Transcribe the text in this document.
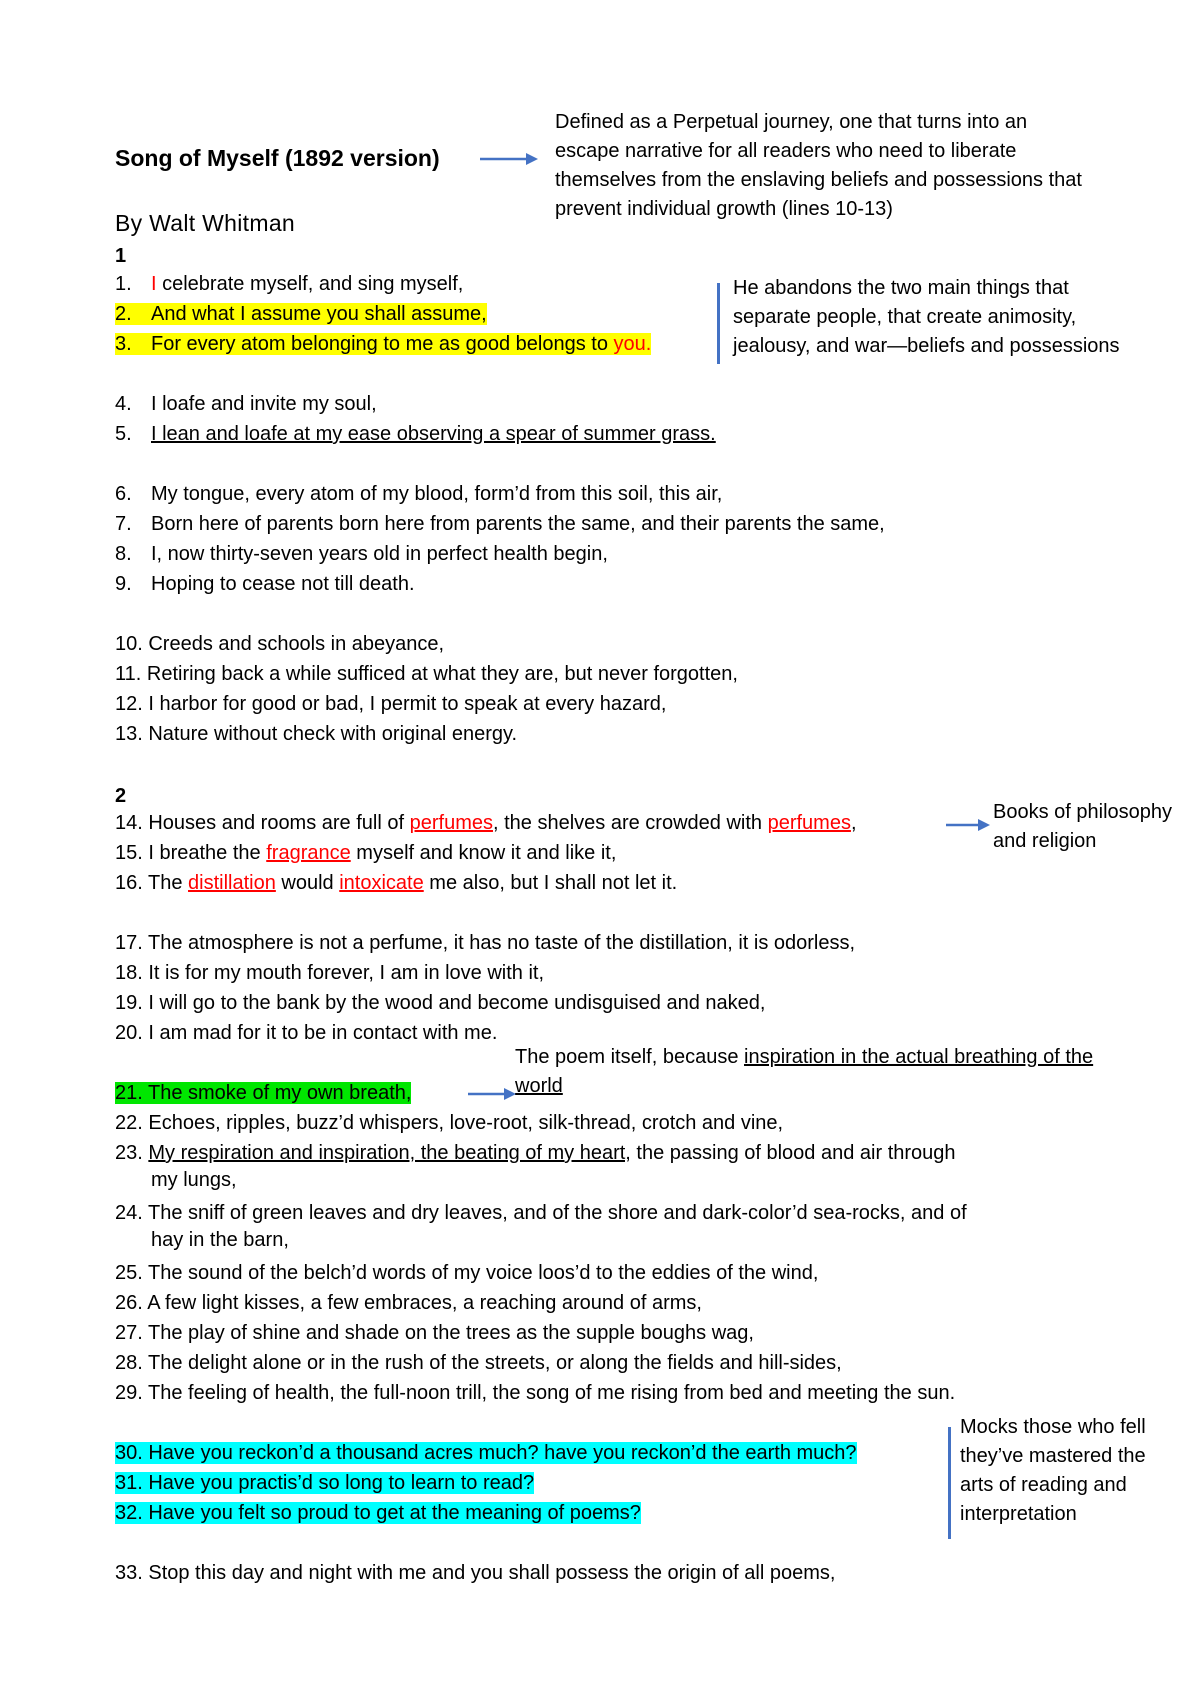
Song of Myself (1892 version)
By Walt Whitman
Defined as a Perpetual journey, one that turns into an
escape narrative for all readers who need to liberate
themselves from the enslaving beliefs and possessions that
prevent individual growth (lines 10-13)
1
1. I celebrate myself, and sing myself,
2. And what I assume you shall assume,
3. For every atom belonging to me as good belongs to you.
He abandons the two main things that
separate people, that create animosity,
jealousy, and war—beliefs and possessions
4. I loafe and invite my soul,
5. I lean and loafe at my ease observing a spear of summer grass.
6. My tongue, every atom of my blood, form’d from this soil, this air,
7. Born here of parents born here from parents the same, and their parents the same,
8. I, now thirty-seven years old in perfect health begin,
9. Hoping to cease not till death.
10. Creeds and schools in abeyance,
11. Retiring back a while sufficed at what they are, but never forgotten,
12. I harbor for good or bad, I permit to speak at every hazard,
13. Nature without check with original energy.
2
14. Houses and rooms are full of perfumes, the shelves are crowded with perfumes,	Books of philosophy
and religion
15. I breathe the fragrance myself and know it and like it,
16. The distillation would intoxicate me also, but I shall not let it.
17. The atmosphere is not a perfume, it has no taste of the distillation, it is odorless,
18. It is for my mouth forever, I am in love with it,
19. I will go to the bank by the wood and become undisguised and naked,
20. I am mad for it to be in contact with me.
The poem itself, because inspiration in the actual breathing of the
world
21. The smoke of my own breath,
22. Echoes, ripples, buzz’d whispers, love-root, silk-thread, crotch and vine,
23. My respiration and inspiration, the beating of my heart, the passing of blood and air through
my lungs,
24. The sniff of green leaves and dry leaves, and of the shore and dark-color’d sea-rocks, and of
hay in the barn,
25. The sound of the belch’d words of my voice loos’d to the eddies of the wind,
26. A few light kisses, a few embraces, a reaching around of arms,
27. The play of shine and shade on the trees as the supple boughs wag,
28. The delight alone or in the rush of the streets, or along the fields and hill-sides,
29. The feeling of health, the full-noon trill, the song of me rising from bed and meeting the sun.
30. Have you reckon’d a thousand acres much? have you reckon’d the earth much?
31. Have you practis’d so long to learn to read?
32. Have you felt so proud to get at the meaning of poems?
Mocks those who fell
they’ve mastered the
arts of reading and
interpretation
33. Stop this day and night with me and you shall possess the origin of all poems,
